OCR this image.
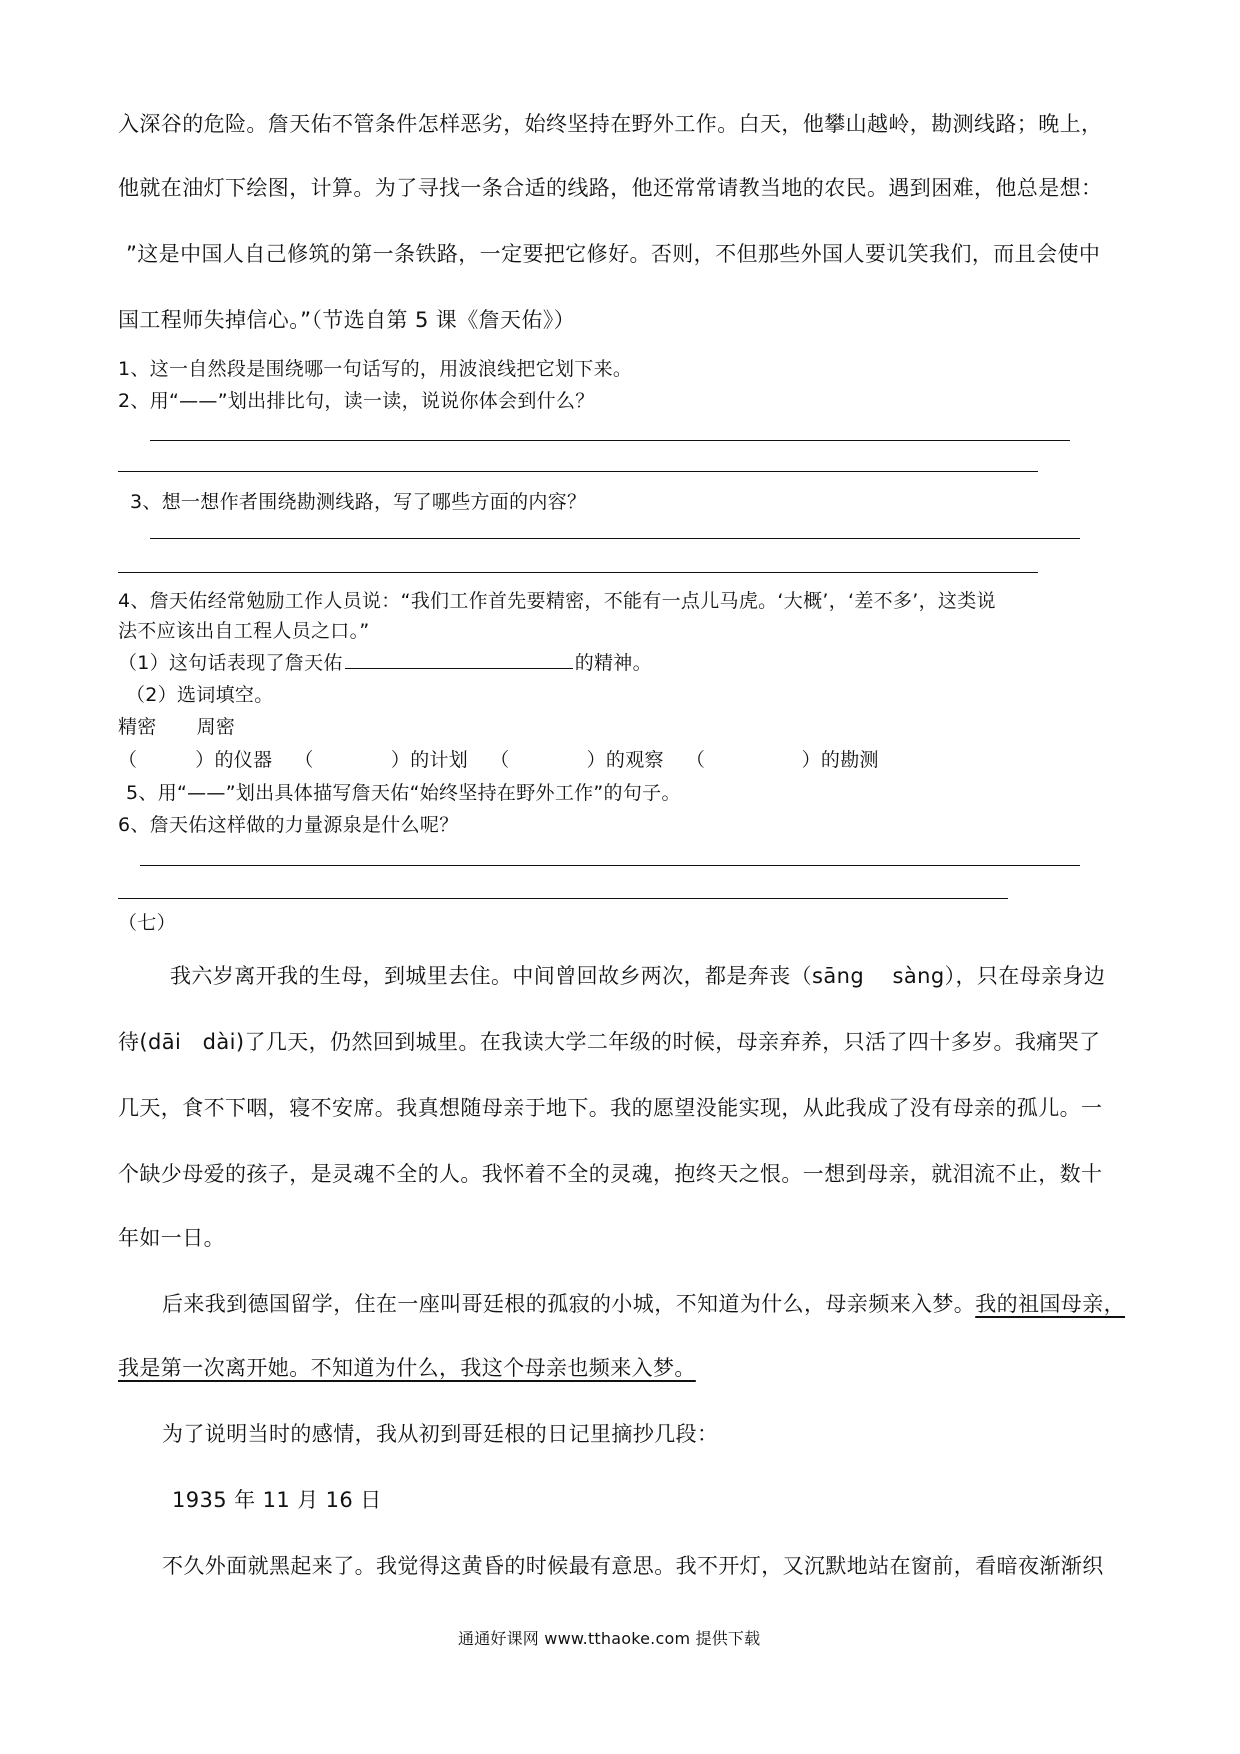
入深谷的危险。詹天佑不管条件怎样恶劣，始终坚持在野外工作。白天，他攀山越岭，勘测线路；晚上，
他就在油灯下绘图，计算。为了寻找一条合适的线路，他还常常请教当地的农民。遇到困难，他总是想：
”这是中国人自己修筑的第一条铁路，一定要把它修好。否则，不但那些外国人要讥笑我们，而且会使中
国工程师失掉信心。”（节选自第 5 课《詹天佑》）
1、这一自然段是围绕哪一句话写的，用波浪线把它划下来。
2、用“——”划出排比句，读一读，说说你体会到什么？
3、想一想作者围绕勘测线路，写了哪些方面的内容？
4、詹天佑经常勉励工作人员说：“我们工作首先要精密，不能有一点儿马虎。‘大概’，‘差不多’，这类说
法不应该出自工程人员之口。”
（1）这句话表现了詹天佑	的精神。
（2）选词填空。
精密 周密
（　　　）的仪器 （　　　　）的计划 （　　　　）的观察 （　　　　　）的勘测
5、用“——”划出具体描写詹天佑“始终坚持在野外工作”的句子。
6、詹天佑这样做的力量源泉是什么呢？
（七）
我六岁离开我的生母，到城里去住。中间曾回故乡两次，都是奔丧（sāng　 sàng），只在母亲身边
待(dāi　dài)了几天，仍然回到城里。在我读大学二年级的时候，母亲弃养，只活了四十多岁。我痛哭了
几天，食不下咽，寝不安席。我真想随母亲于地下。我的愿望没能实现，从此我成了没有母亲的孤儿。一
个缺少母爱的孩子，是灵魂不全的人。我怀着不全的灵魂，抱终天之恨。一想到母亲，就泪流不止，数十
年如一日。
后来我到德国留学，住在一座叫哥廷根的孤寂的小城，不知道为什么，母亲频来入梦。我的祖国母亲，
我是第一次离开她。不知道为什么，我这个母亲也频来入梦。
为了说明当时的感情，我从初到哥廷根的日记里摘抄几段：
1935 年 11 月 16 日
不久外面就黑起来了。我觉得这黄昏的时候最有意思。我不开灯，又沉默地站在窗前，看暗夜渐渐织
通通好课网 www.tthaoke.com 提供下载
